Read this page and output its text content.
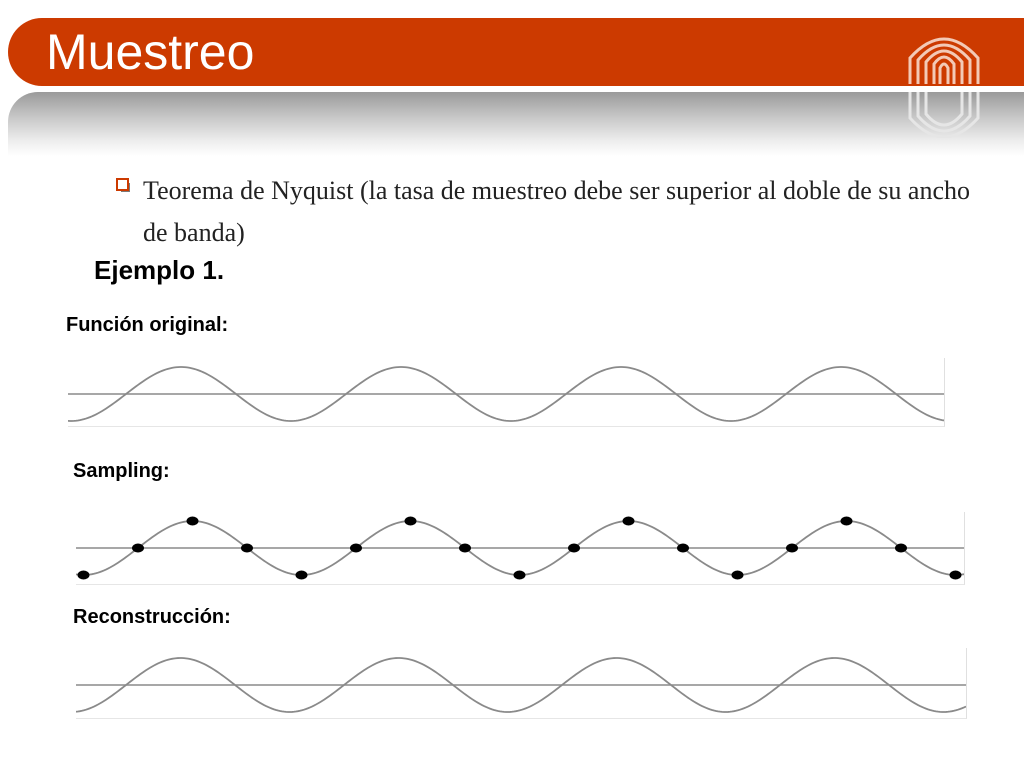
Muestreo
Teorema de Nyquist (la tasa de muestreo debe ser superior al doble de su ancho de banda)
Ejemplo 1.
Función original:
Sampling:
Reconstrucción:
